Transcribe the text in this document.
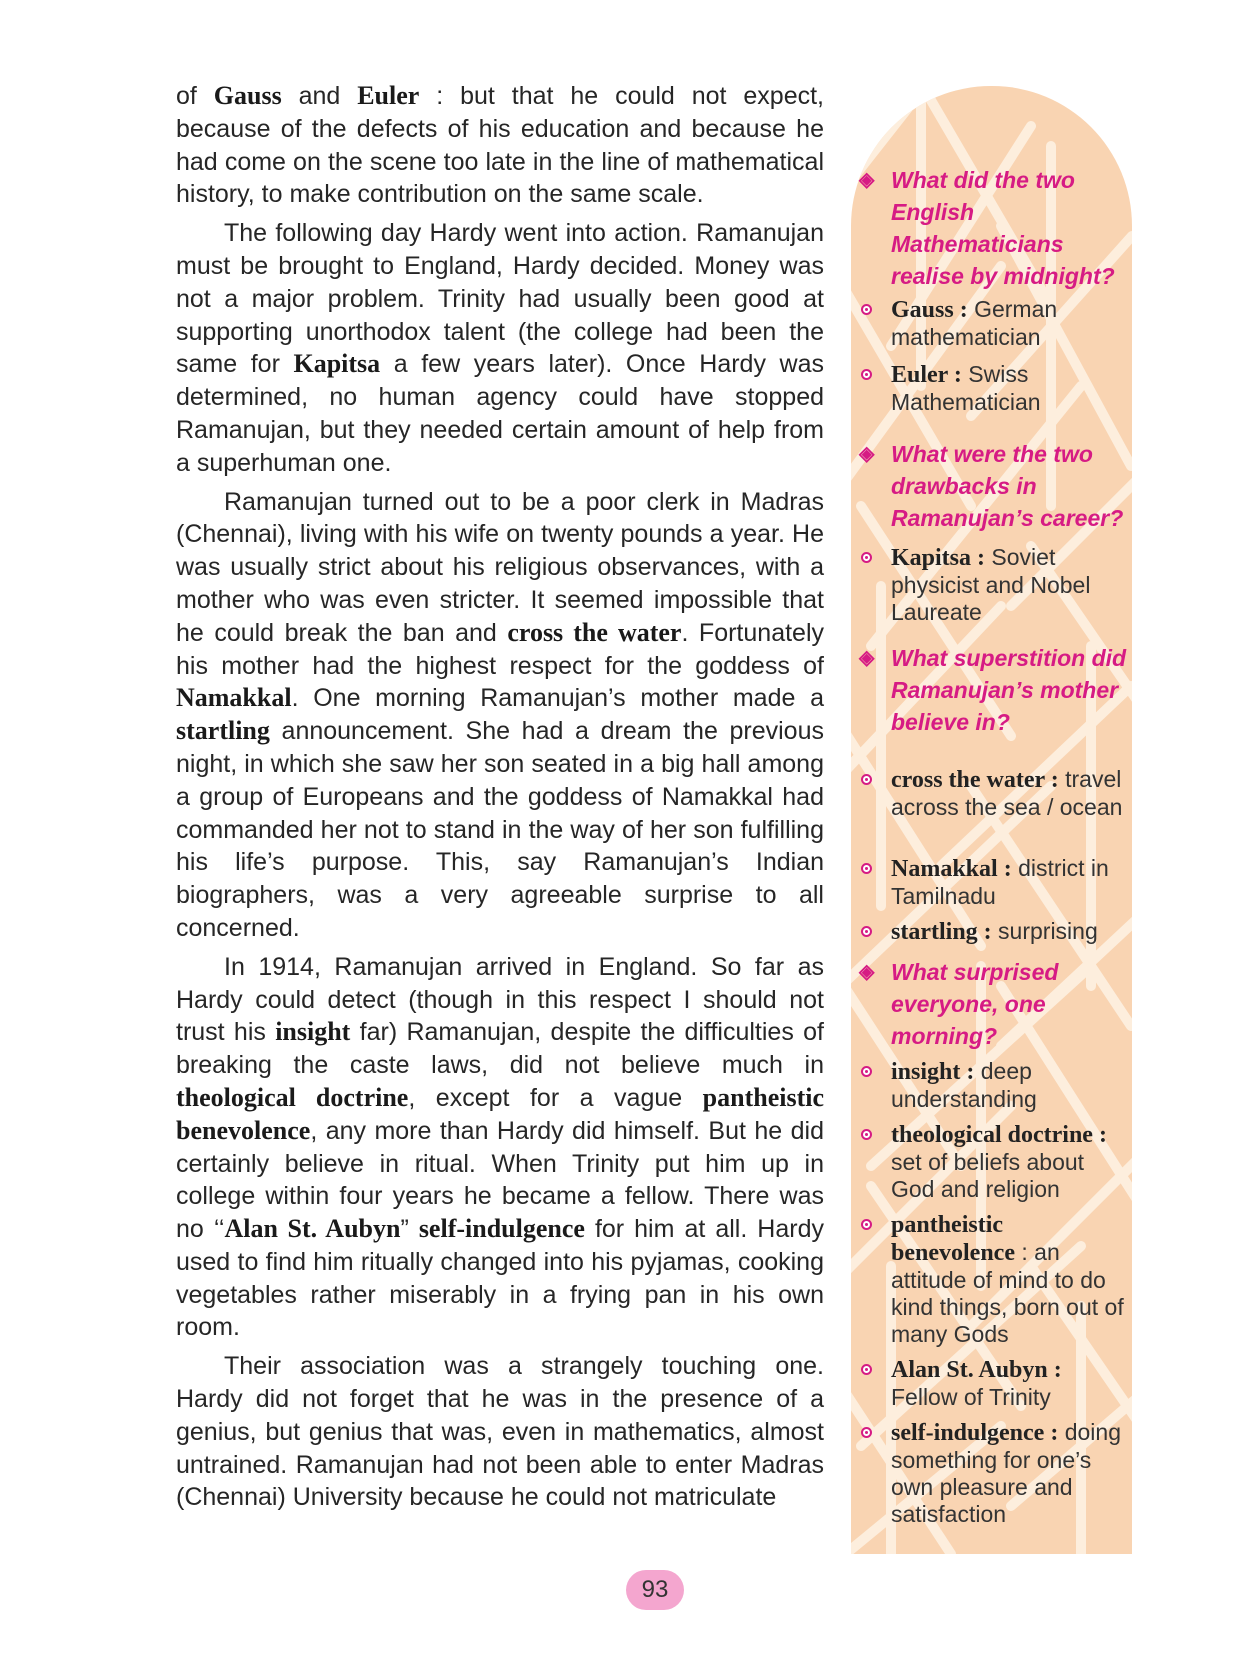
of Gauss and Euler : but that he could not expect, because of the defects of his education and because he had come on the scene too late in the line of mathematical history, to make contribution on the same scale.

The following day Hardy went into action. Ramanujan must be brought to England, Hardy decided. Money was not a major problem. Trinity had usually been good at supporting unorthodox talent (the college had been the same for Kapitsa a few years later). Once Hardy was determined, no human agency could have stopped Ramanujan, but they needed certain amount of help from a superhuman one.

Ramanujan turned out to be a poor clerk in Madras (Chennai), living with his wife on twenty pounds a year. He was usually strict about his religious observances, with a mother who was even stricter. It seemed impossible that he could break the ban and cross the water. Fortunately his mother had the highest respect for the goddess of Namakkal. One morning Ramanujan’s mother made a startling announcement. She had a dream the previous night, in which she saw her son seated in a big hall among a group of Europeans and the goddess of Namakkal had commanded her not to stand in the way of her son fulfilling his life’s purpose. This, say Ramanujan’s Indian biographers, was a very agreeable surprise to all concerned.

In 1914, Ramanujan arrived in England. So far as Hardy could detect (though in this respect I should not trust his insight far) Ramanujan, despite the difficulties of breaking the caste laws, did not believe much in theological doctrine, except for a vague pantheistic benevolence, any more than Hardy did himself. But he did certainly believe in ritual. When Trinity put him up in college within four years he became a fellow. There was no ‘‘Alan St. Aubyn” self-indulgence for him at all. Hardy used to find him ritually changed into his pyjamas, cooking vegetables rather miserably in a frying pan in his own room.

Their association was a strangely touching one. Hardy did not forget that he was in the presence of a genius, but genius that was, even in mathematics, almost untrained. Ramanujan had not been able to enter Madras (Chennai) University because he could not matriculate

◈ What did the two English Mathematicians realise by midnight?
Gauss : German mathematician
Euler : Swiss Mathematician
◈ What were the two drawbacks in Ramanujan’s career?
Kapitsa : Soviet physicist and Nobel Laureate
◈ What superstition did Ramanujan’s mother believe in?
cross the water : travel across the sea / ocean
Namakkal : district in Tamilnadu
startling : surprising
◈ What surprised everyone, one morning?
insight : deep understanding
theological doctrine : set of beliefs about God and religion
pantheistic benevolence : an attitude of mind to do kind things, born out of many Gods
Alan St. Aubyn : Fellow of Trinity
self-indulgence : doing something for one’s own pleasure and satisfaction
93
